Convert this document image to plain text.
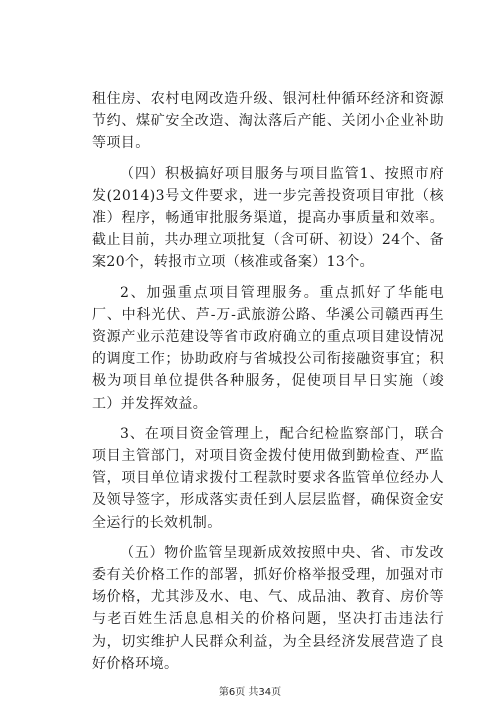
租住房、农村电网改造升级、银河杜仲循环经济和资源节约、煤矿安全改造、淘汰落后产能、关闭小企业补助等项目。

（四）积极搞好项目服务与项目监管1、按照市府发(2014)3号文件要求，进一步完善投资项目审批（核准）程序，畅通审批服务渠道，提高办事质量和效率。截止目前，共办理立项批复（含可研、初设）24个、备案20个，转报市立项（核准或备案）13个。

2、加强重点项目管理服务。重点抓好了华能电厂、中科光伏、芦-万-武旅游公路、华溪公司赣西再生资源产业示范建设等省市政府确立的重点项目建设情况的调度工作；协助政府与省城投公司衔接融资事宜；积极为项目单位提供各种服务，促使项目早日实施（竣工）并发挥效益。

3、在项目资金管理上，配合纪检监察部门，联合项目主管部门，对项目资金拨付使用做到勤检查、严监管，项目单位请求拨付工程款时要求各监管单位经办人及领导签字，形成落实责任到人层层监督，确保资金安全运行的长效机制。

（五）物价监管呈现新成效按照中央、省、市发改委有关价格工作的部署，抓好价格举报受理，加强对市场价格，尤其涉及水、电、气、成品油、教育、房价等与老百姓生活息息相关的价格问题，坚决打击违法行为，切实维护人民群众利益，为全县经济发展营造了良好价格环境。

第6页 共34页
